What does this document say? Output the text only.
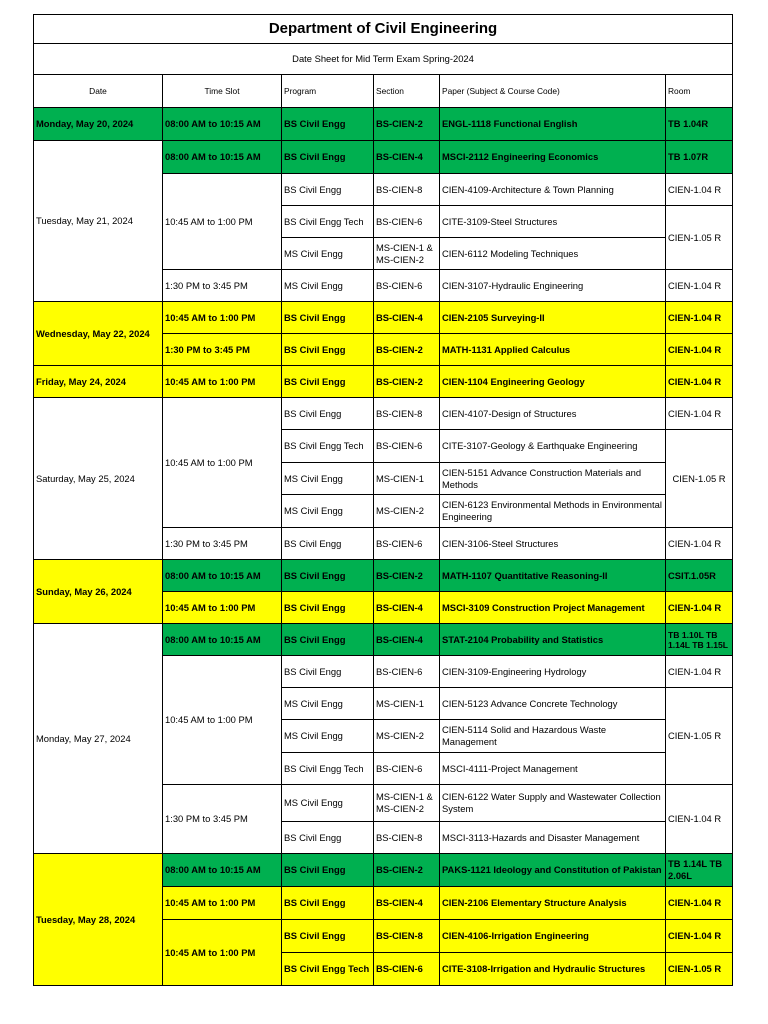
Department of Civil Engineering					
Date Sheet for Mid Term Exam Spring-2024					
Date	Time Slot	Program	Section	Paper (Subject & Course Code)	Room
Monday, May 20, 2024	08:00 AM to 10:15 AM	BS Civil Engg	BS-CIEN-2	ENGL-1118 Functional English	TB 1.04R
Tuesday, May 21, 2024	08:00 AM to 10:15 AM	BS Civil Engg	BS-CIEN-4	MSCI-2112 Engineering Economics	TB 1.07R
	10:45 AM to 1:00 PM	BS Civil Engg	BS-CIEN-8	CIEN-4109-Architecture & Town Planning	CIEN-1.04 R
		BS Civil Engg Tech	BS-CIEN-6	CITE-3109-Steel Structures	CIEN-1.05 R
		MS Civil Engg	MS-CIEN-1 & MS-CIEN-2	CIEN-6112 Modeling Techniques	
	1:30 PM to 3:45 PM	MS Civil Engg	BS-CIEN-6	CIEN-3107-Hydraulic Engineering	CIEN-1.04 R
Wednesday, May 22, 2024	10:45 AM to 1:00 PM	BS Civil Engg	BS-CIEN-4	CIEN-2105 Surveying-II	CIEN-1.04 R
	1:30 PM to 3:45 PM	BS Civil Engg	BS-CIEN-2	MATH-1131 Applied Calculus	CIEN-1.04 R
Friday, May 24, 2024	10:45 AM to 1:00 PM	BS Civil Engg	BS-CIEN-2	CIEN-1104 Engineering Geology	CIEN-1.04 R
Saturday, May 25, 2024	10:45 AM to 1:00 PM	BS Civil Engg	BS-CIEN-8	CIEN-4107-Design of Structures	CIEN-1.04 R
		BS Civil Engg Tech	BS-CIEN-6	CITE-3107-Geology & Earthquake Engineering	CIEN-1.05 R
		MS Civil Engg	MS-CIEN-1	CIEN-5151 Advance Construction Materials and Methods	
		MS Civil Engg	MS-CIEN-2	CIEN-6123 Environmental Methods in Environmental Engineering	
	1:30 PM to 3:45 PM	BS Civil Engg	BS-CIEN-6	CIEN-3106-Steel Structures	CIEN-1.04 R
Sunday, May 26, 2024	08:00 AM to 10:15 AM	BS Civil Engg	BS-CIEN-2	MATH-1107 Quantitative Reasoning-II	CSIT.1.05R
	10:45 AM to 1:00 PM	BS Civil Engg	BS-CIEN-4	MSCI-3109 Construction Project Management	CIEN-1.04 R
Monday, May 27, 2024	08:00 AM to 10:15 AM	BS Civil Engg	BS-CIEN-4	STAT-2104 Probability and Statistics	TB 1.10L TB 1.14L TB 1.15L
	10:45 AM to 1:00 PM	BS Civil Engg	BS-CIEN-6	CIEN-3109-Engineering Hydrology	CIEN-1.04 R
		MS Civil Engg	MS-CIEN-1	CIEN-5123 Advance Concrete Technology	CIEN-1.05 R
		MS Civil Engg	MS-CIEN-2	CIEN-5114 Solid and Hazardous Waste Management	
		BS Civil Engg Tech	BS-CIEN-6	MSCI-4111-Project Management	
	1:30 PM to 3:45 PM	MS Civil Engg	MS-CIEN-1 & MS-CIEN-2	CIEN-6122 Water Supply and Wastewater Collection System	CIEN-1.04 R
		BS Civil Engg	BS-CIEN-8	MSCI-3113-Hazards and Disaster Management	
Tuesday, May 28, 2024	08:00 AM to 10:15 AM	BS Civil Engg	BS-CIEN-2	PAKS-1121 Ideology and Constitution of Pakistan	TB 1.14L TB 2.06L
	10:45 AM to 1:00 PM	BS Civil Engg	BS-CIEN-4	CIEN-2106 Elementary Structure Analysis	CIEN-1.04 R
	10:45 AM to 1:00 PM	BS Civil Engg	BS-CIEN-8	CIEN-4106-Irrigation Engineering	CIEN-1.04 R
		BS Civil Engg Tech	BS-CIEN-6	CITE-3108-Irrigation and Hydraulic Structures	CIEN-1.05 R
